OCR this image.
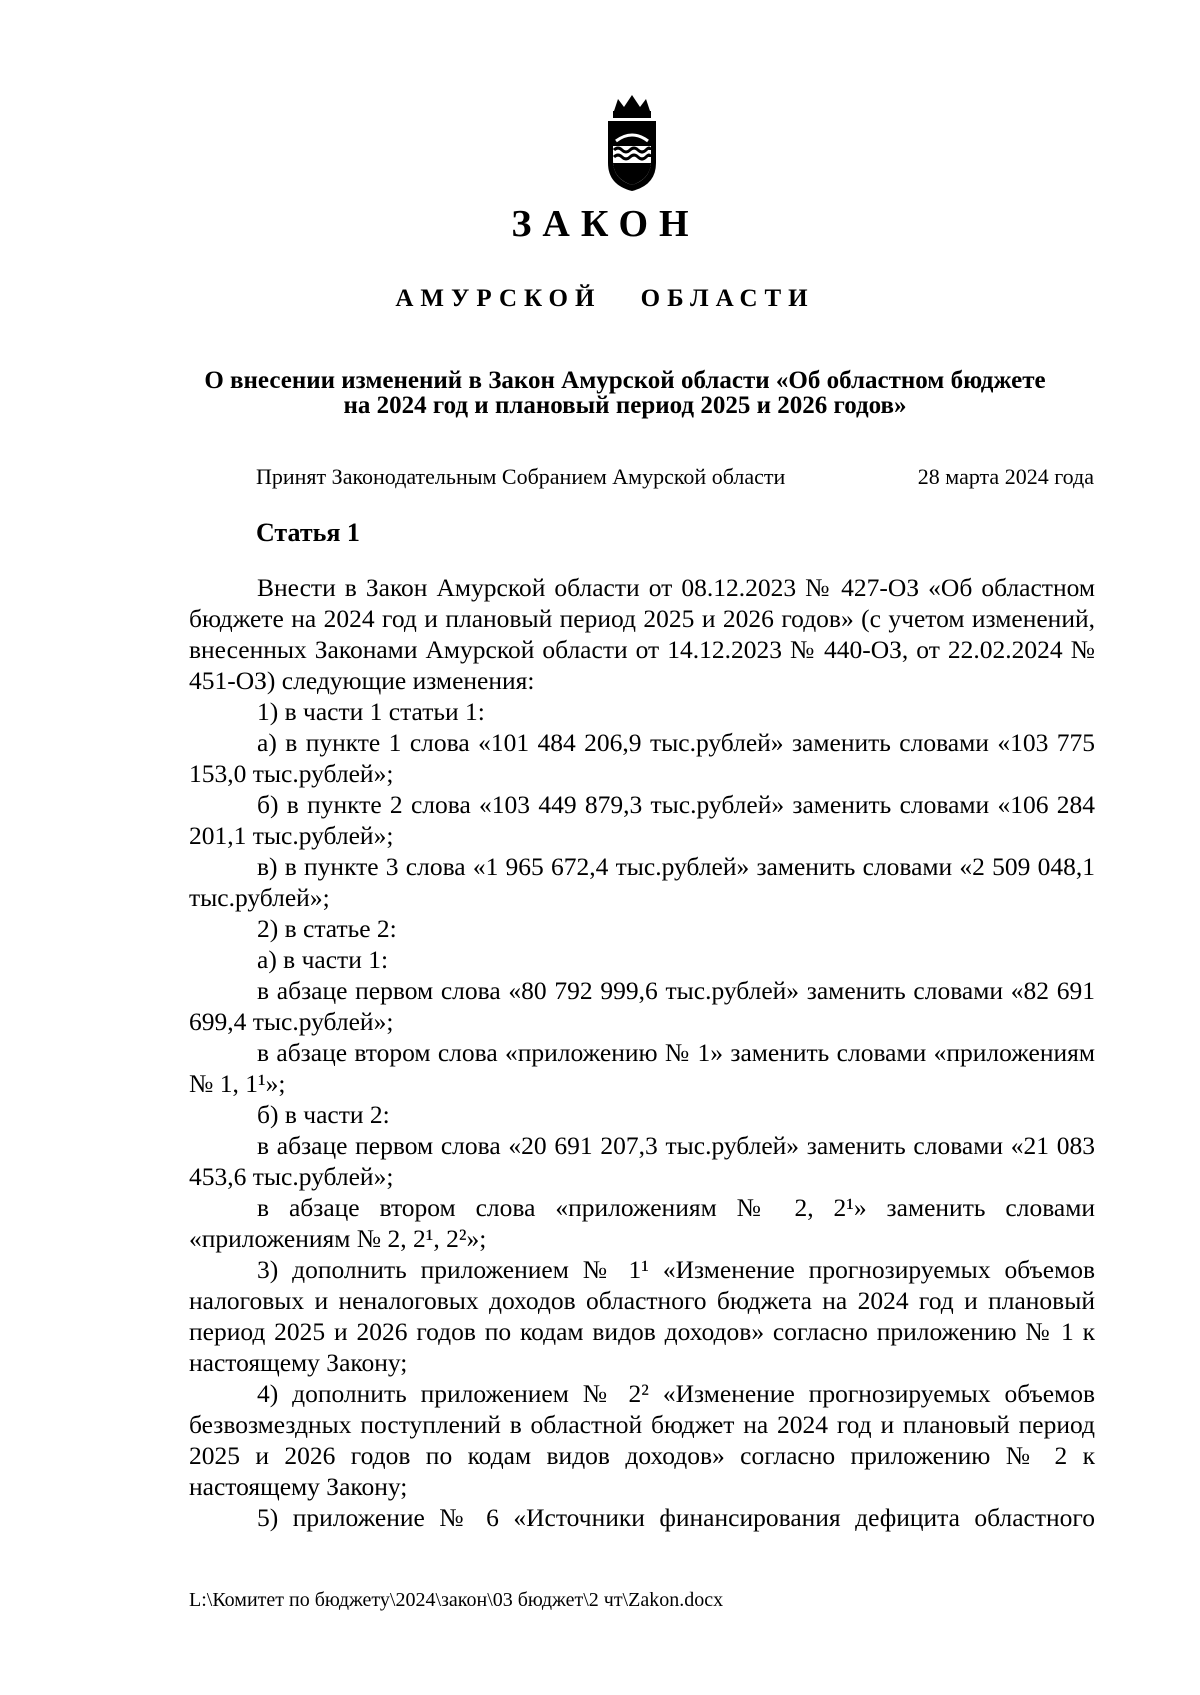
ЗАКОН
АМУРСКОЙ ОБЛАСТИ
О внесении изменений в Закон Амурской области «Об областном бюджете на 2024 год и плановый период 2025 и 2026 годов»
Принят Законодательным Собранием Амурской области	28 марта 2024 года
Статья 1

Внести в Закон Амурской области от 08.12.2023 № 427-ОЗ «Об областном бюджете на 2024 год и плановый период 2025 и 2026 годов» (с учетом изменений, внесенных Законами Амурской области от 14.12.2023 № 440-ОЗ, от 22.02.2024 № 451-ОЗ) следующие изменения:

1) в части 1 статьи 1:

а) в пункте 1 слова «101 484 206,9 тыс.рублей» заменить словами «103 775 153,0 тыс.рублей»;

б) в пункте 2 слова «103 449 879,3 тыс.рублей» заменить словами «106 284 201,1 тыс.рублей»;

в) в пункте 3 слова «1 965 672,4 тыс.рублей» заменить словами «2 509 048,1 тыс.рублей»;

2) в статье 2:

а) в части 1:

в абзаце первом слова «80 792 999,6 тыс.рублей» заменить словами «82 691 699,4 тыс.рублей»;

в абзаце втором слова «приложению № 1» заменить словами «приложениям № 1, 1¹»;

б) в части 2:

в абзаце первом слова «20 691 207,3 тыс.рублей» заменить словами «21 083 453,6 тыс.рублей»;

в абзаце втором слова «приложениям № 2, 2¹» заменить словами «приложениям № 2, 2¹, 2²»;

3) дополнить приложением № 1¹ «Изменение прогнозируемых объемов налоговых и неналоговых доходов областного бюджета на 2024 год и плановый период 2025 и 2026 годов по кодам видов доходов» согласно приложению № 1 к настоящему Закону;

4) дополнить приложением № 2² «Изменение прогнозируемых объемов безвозмездных поступлений в областной бюджет на 2024 год и плановый период 2025 и 2026 годов по кодам видов доходов» согласно приложению № 2 к настоящему Закону;

5) приложение № 6 «Источники финансирования дефицита областного

L:\Комитет по бюджету\2024\закон\03 бюджет\2 чт\Zakon.docx
